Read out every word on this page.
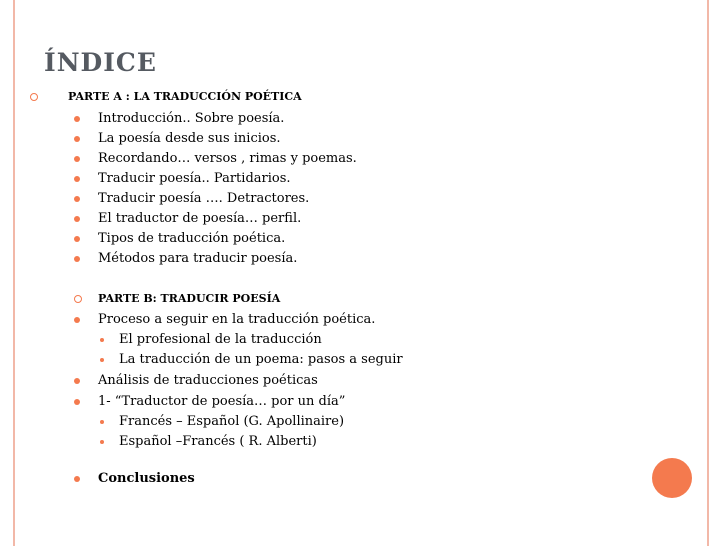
ÍNDICE
PARTE A : LA TRADUCCIÓN POÉTICA
Introducción.. Sobre poesía.
La poesía desde sus inicios.
Recordando… versos , rimas y poemas.
Traducir poesía.. Partidarios.
Traducir poesía …. Detractores.
El traductor de poesía… perfil.
Tipos de traducción poética.
Métodos para traducir poesía.
PARTE B: TRADUCIR POESÍA
Proceso a seguir en la traducción poética.
El profesional de la traducción
La traducción de un poema: pasos a seguir
Análisis de traducciones poéticas
1- “Traductor de poesía… por un día”
Francés – Español (G. Apollinaire)
Español –Francés ( R. Alberti)
Conclusiones
